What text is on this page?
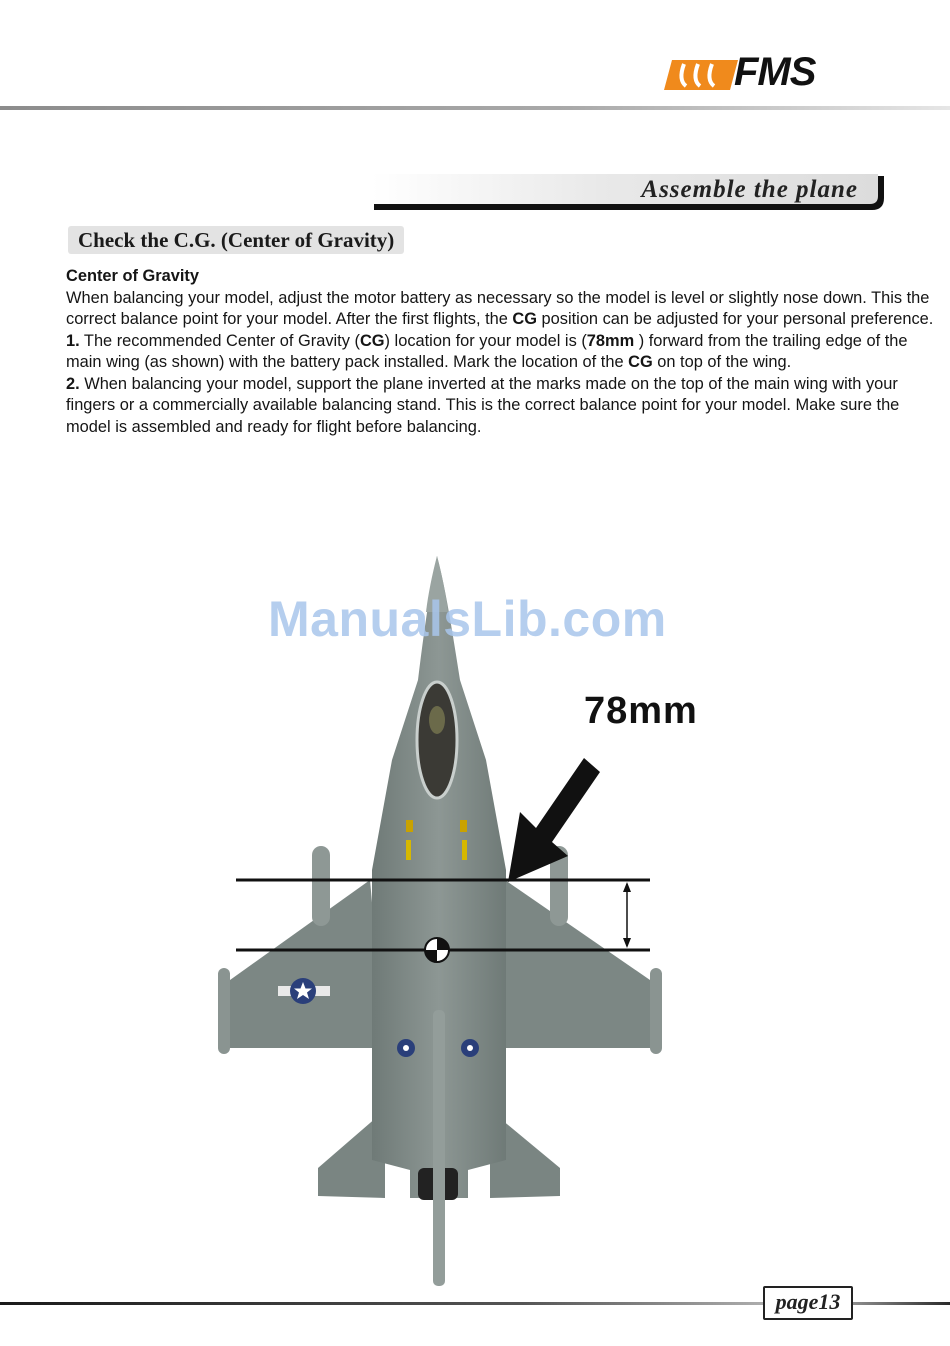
FMS
Assemble the plane
Check the C.G. (Center of Gravity)

Center of Gravity

When balancing your model, adjust the motor battery as necessary so the model is level or slightly nose down. This the correct balance point for your model. After the first flights, the CG position can be adjusted for your personal preference.

1. The recommended Center of Gravity (CG) location for your model is (78mm ) forward from the trailing edge of the main wing (as shown) with the battery pack installed. Mark the location of the CG on top of the wing.

2. When balancing your model, support the plane inverted at the marks made on the top of the main wing with your fingers or a commercially available balancing stand. This is the correct balance point for your model. Make sure the model is assembled and ready for flight before balancing.

ManualsLib.com
78mm
page13
